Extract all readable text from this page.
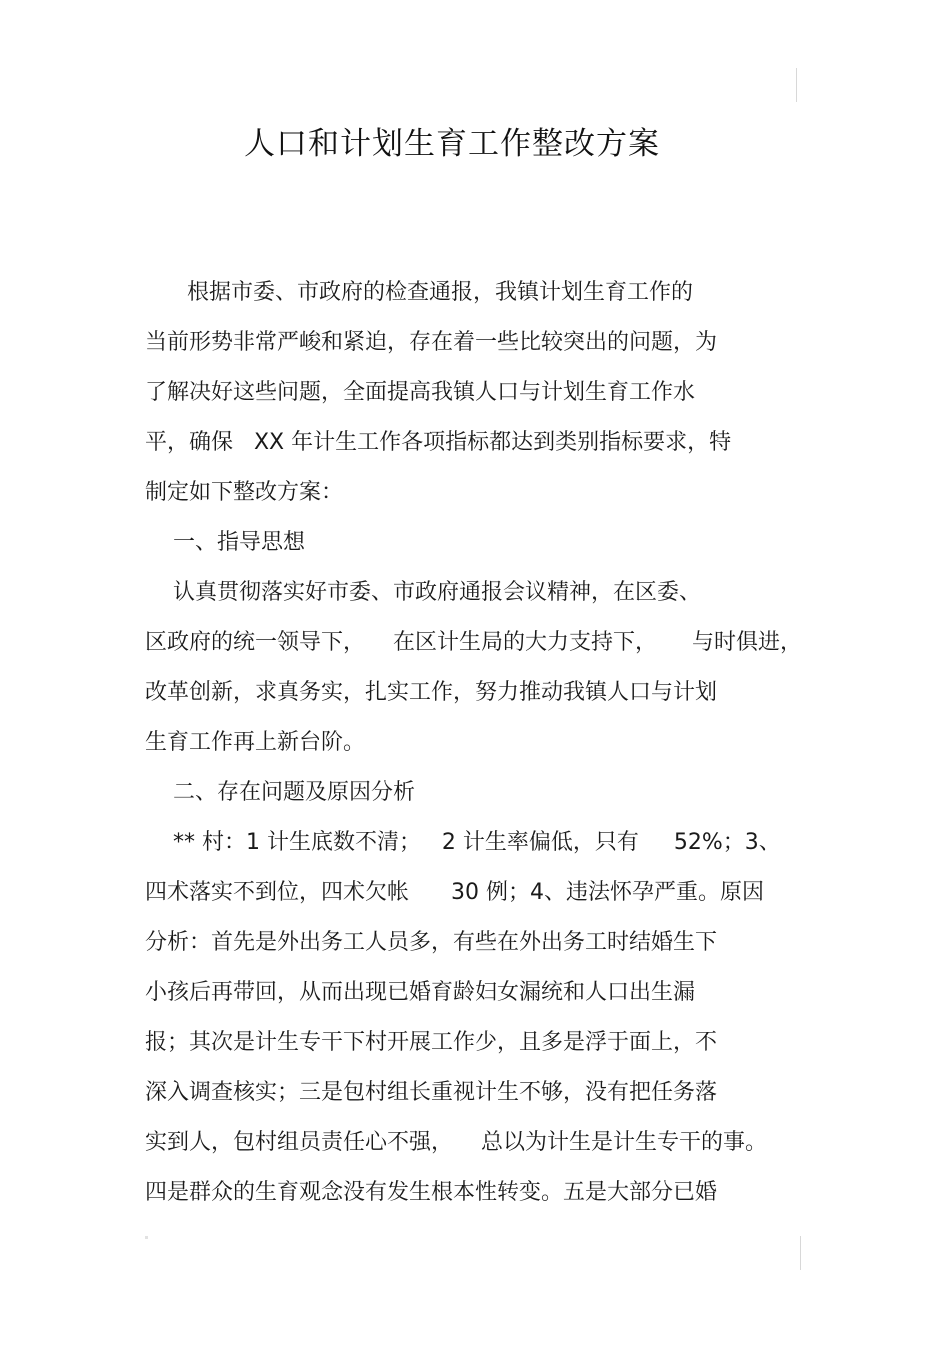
人口和计划生育工作整改方案
根据市委、市政府的检查通报，我镇计划生育工作的
当前形势非常严峻和紧迫，存在着一些比较突出的问题，为
了解决好这些问题，全面提高我镇人口与计划生育工作水
平，确保   XX 年计生工作各项指标都达到类别指标要求，特
制定如下整改方案：
一、指导思想
认真贯彻落实好市委、市政府通报会议精神，在区委、
区政府的统一领导下，    在区计生局的大力支持下，     与时俱进，
改革创新，求真务实，扎实工作，努力推动我镇人口与计划
生育工作再上新台阶。
二、存在问题及原因分析
** 村：1 计生底数不清；   2 计生率偏低，只有     52%；3、
四术落实不到位，四术欠帐      30 例；4、违法怀孕严重。原因
分析：首先是外出务工人员多，有些在外出务工时结婚生下
小孩后再带回，从而出现已婚育龄妇女漏统和人口出生漏
报；其次是计生专干下村开展工作少，且多是浮于面上，不
深入调查核实；三是包村组长重视计生不够，没有把任务落
实到人，包村组员责任心不强，    总以为计生是计生专干的事。
四是群众的生育观念没有发生根本性转变。五是大部分已婚
